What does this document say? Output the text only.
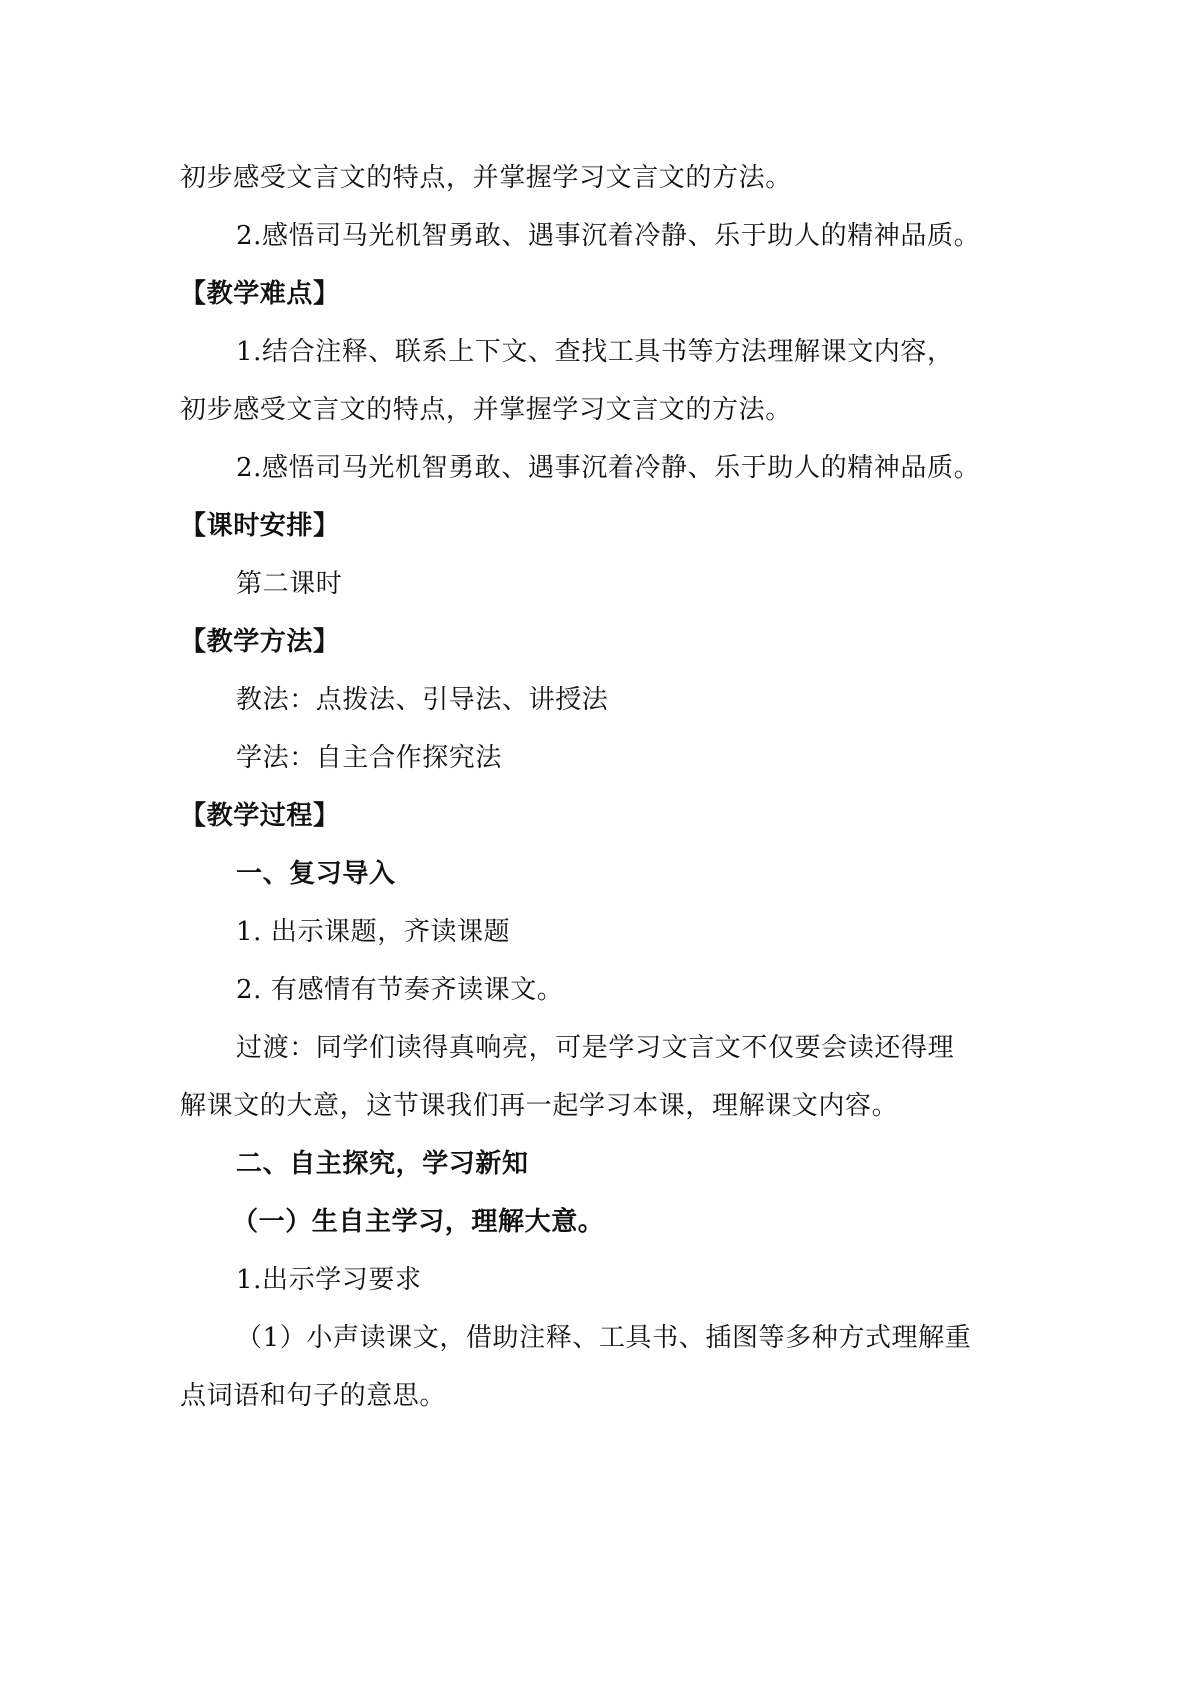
初步感受文言文的特点，并掌握学习文言文的方法。
2.感悟司马光机智勇敢、遇事沉着冷静、乐于助人的精神品质。
【教学难点】
1.结合注释、联系上下文、查找工具书等方法理解课文内容，
初步感受文言文的特点，并掌握学习文言文的方法。
2.感悟司马光机智勇敢、遇事沉着冷静、乐于助人的精神品质。
【课时安排】
第二课时
【教学方法】
教法：点拨法、引导法、讲授法
学法：自主合作探究法
【教学过程】
一、复习导入
1. 出示课题，齐读课题
2. 有感情有节奏齐读课文。
过渡：同学们读得真响亮，可是学习文言文不仅要会读还得理
解课文的大意，这节课我们再一起学习本课，理解课文内容。
二、自主探究，学习新知
（一）生自主学习，理解大意。
1.出示学习要求
（1）小声读课文，借助注释、工具书、插图等多种方式理解重
点词语和句子的意思。
